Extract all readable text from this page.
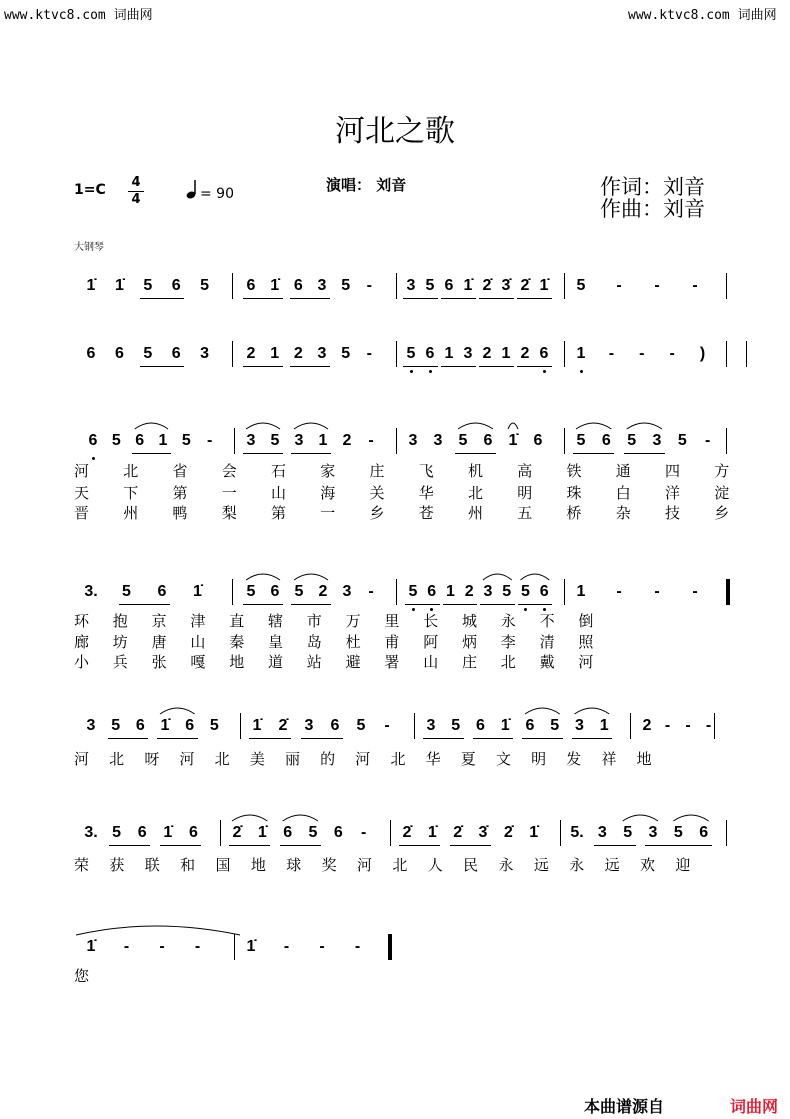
www.ktvc8.com 词曲网	www.ktvc8.com 词曲网
河北之歌
1=C 4
4	= 90	演唱： 刘音	作词：刘音
作曲：刘音
大钢琴
1̇ 1̇ 5 6 5 6 1̇ 6 3 5 - 3 5 6 1̇ 2̇ 3̇ 2̇ 1̇ 5 - - -
6 6 5 6 3 2 1 2 3 5 - 5 6 1 3 2 1 2 6 1 - - - )
6 5 6 1 5 - 3 5 3 1 2 - 3 3 5 6 1̇ 6 5 6 5 3 5 -
3. 5 6 1̇	5 6 5 2 3 - 5 6 1 2 3 5 5 6 1 - - -
3 5 6 1̇ 6 5 1̇ 2̇ 3 6 5 - 3 5 6 1̇ 6 5 3 1 2 - - -
3. 5 6 1̇ 6 2̇ 1̇ 6 5 6 - 2̇ 1̇ 2̇ 3̇ 2̇ 1̇ 5. 3 5 3 5 6
1̇ - - -	1̇ - - -
河 北 省 会 石 家 庄 飞 机 高 铁 通 四 方
天 下 第 一 山 海 关 华 北 明 珠 白 洋 淀
晋 州 鸭 梨 第 一 乡 苍 州 五 桥 杂 技 乡
环 抱 京 津 直 辖 市 万 里 长 城 永 不 倒
廊 坊 唐 山 秦 皇 岛 杜 甫 阿 炳 李 清 照
小 兵 张 嘎 地 道 站 避 署 山 庄 北 戴 河
河 北 呀 河 北 美 丽 的 河 北 华 夏 文 明 发 祥 地
荣 获 联 和 国 地 球 奖 河 北 人 民 永 远 永 远 欢 迎
您
本曲谱源自	词曲网
